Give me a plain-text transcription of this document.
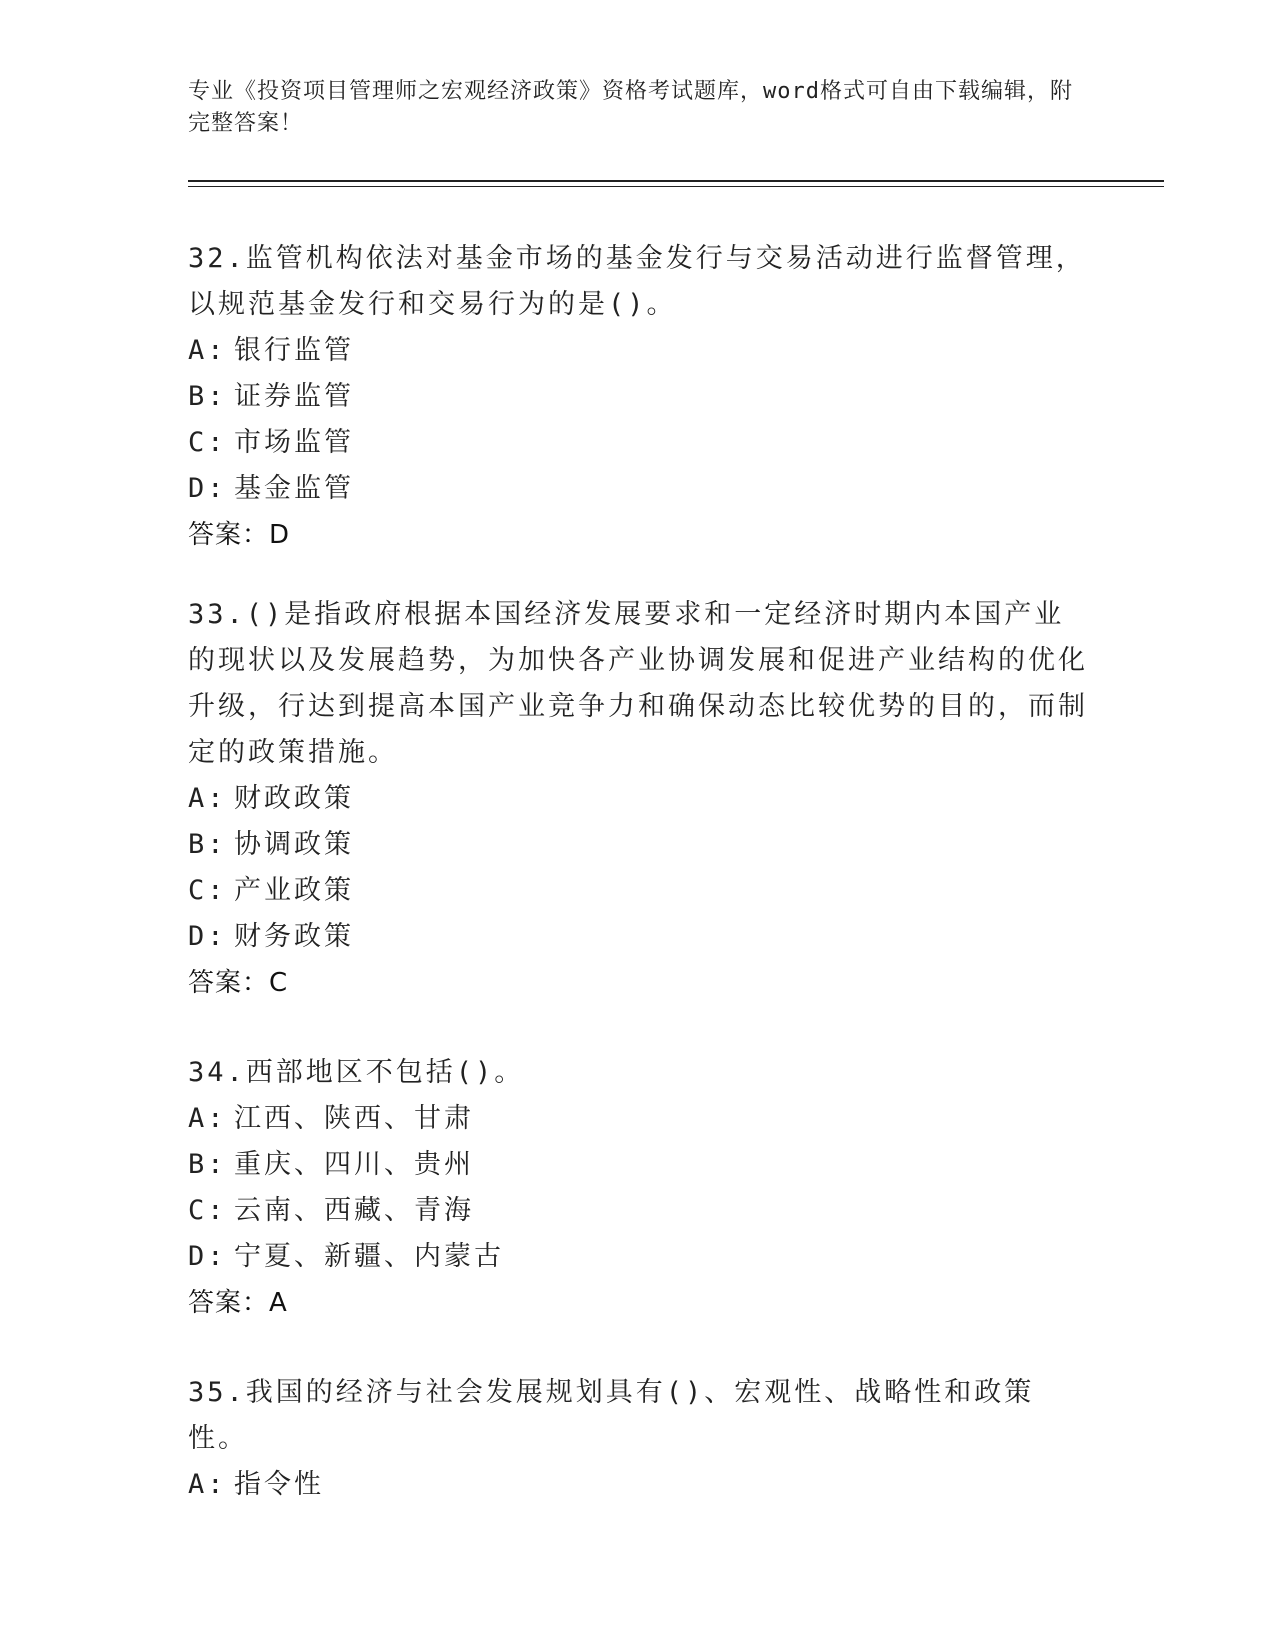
专业《投资项目管理师之宏观经济政策》资格考试题库，word格式可自由下载编辑，附完整答案！

32.监管机构依法对基金市场的基金发行与交易活动进行监督管理，以规范基金发行和交易行为的是()。

A: 银行监管
B: 证券监管
C: 市场监管
D: 基金监管
答案：D

33.()是指政府根据本国经济发展要求和一定经济时期内本国产业的现状以及发展趋势，为加快各产业协调发展和促进产业结构的优化升级，行达到提高本国产业竞争力和确保动态比较优势的目的，而制定的政策措施。

A: 财政政策
B: 协调政策
C: 产业政策
D: 财务政策
答案：C

34.西部地区不包括()。

A: 江西、陕西、甘肃
B: 重庆、四川、贵州
C: 云南、西藏、青海
D: 宁夏、新疆、内蒙古
答案：A

35.我国的经济与社会发展规划具有()、宏观性、战略性和政策性。

A: 指令性
